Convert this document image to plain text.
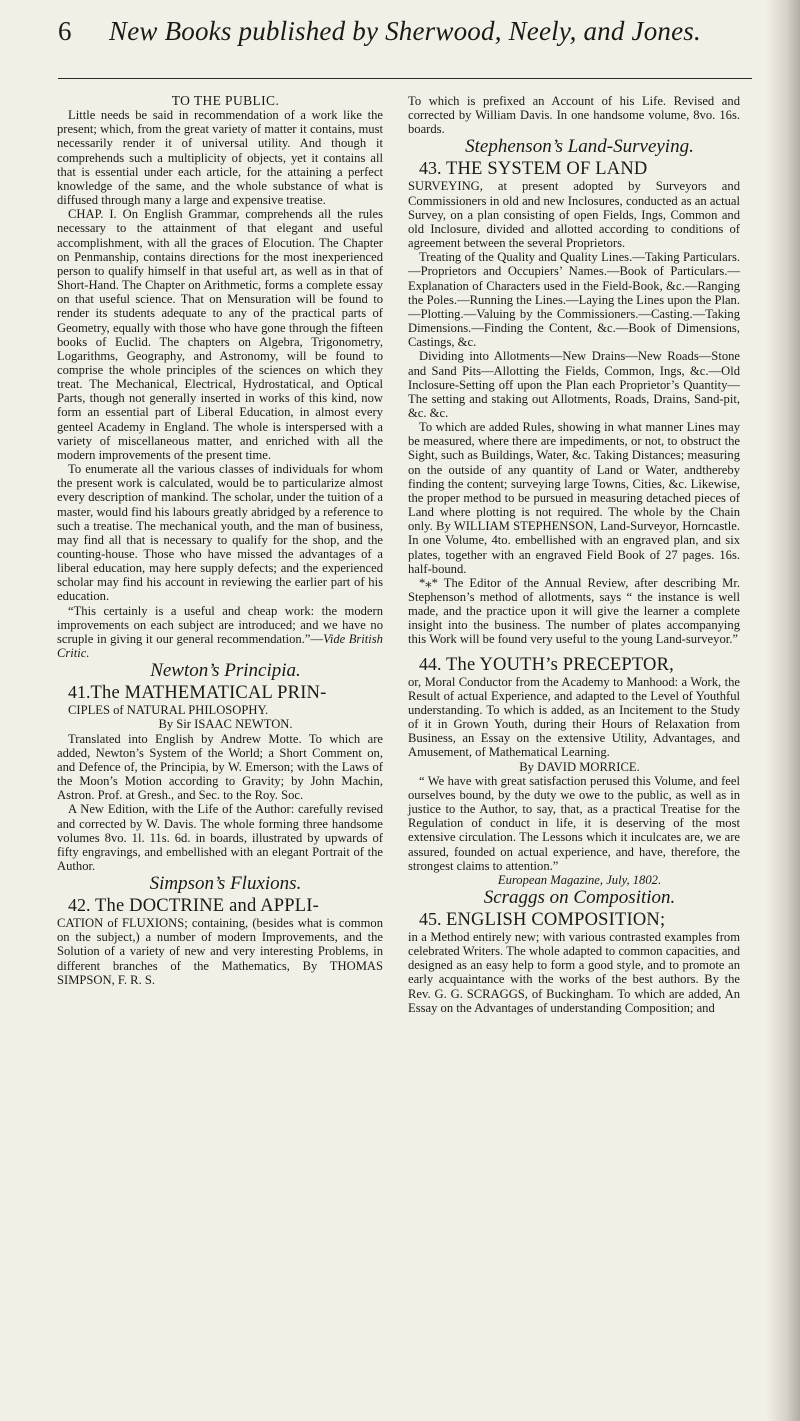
6	New Books published by Sherwood, Neely, and Jones.

TO THE PUBLIC.

Little needs be said in recommendation of a work like the present; which, from the great variety of matter it contains, must necessarily render it of universal utility. And though it comprehends such a multiplicity of objects, yet it contains all that is essential under each article, for the attaining a perfect knowledge of the same, and the whole substance of what is diffused through many a large and expensive treatise.

CHAP. I. On English Grammar, comprehends all the rules necessary to the attainment of that elegant and useful accomplishment, with all the graces of Elocution. The Chapter on Penmanship, contains directions for the most inexperienced person to qualify himself in that useful art, as well as in that of Short-Hand. The Chapter on Arithmetic, forms a complete essay on that useful science. That on Mensuration will be found to render its students adequate to any of the practical parts of Geometry, equally with those who have gone through the fifteen books of Euclid. The chapters on Algebra, Trigonometry, Logarithms, Geography, and Astronomy, will be found to comprise the whole principles of the sciences on which they treat. The Mechanical, Electrical, Hydrostatical, and Optical Parts, though not generally inserted in works of this kind, now form an essential part of Liberal Education, in almost every genteel Academy in England. The whole is interspersed with a variety of miscellaneous matter, and enriched with all the modern improvements of the present time.

To enumerate all the various classes of individuals for whom the present work is calculated, would be to particularize almost every description of mankind. The scholar, under the tuition of a master, would find his labours greatly abridged by a reference to such a treatise. The mechanical youth, and the man of business, may find all that is necessary to qualify for the shop, and the counting-house. Those who have missed the advantages of a liberal education, may here supply defects; and the experienced scholar may find his account in reviewing the earlier part of his education.

“This certainly is a useful and cheap work: the modern improvements on each subject are introduced; and we have no scruple in giving it our general recommendation.”—Vide British Critic.

Newton’s Principia.

41.The MATHEMATICAL PRIN-

CIPLES of NATURAL PHILOSOPHY.

By Sir ISAAC NEWTON.

Translated into English by Andrew Motte. To which are added, Newton’s System of the World; a Short Comment on, and Defence of, the Principia, by W. Emerson; with the Laws of the Moon’s Motion according to Gravity; by John Machin, Astron. Prof. at Gresh., and Sec. to the Roy. Soc.

A New Edition, with the Life of the Author: carefully revised and corrected by W. Davis. The whole forming three handsome volumes 8vo. 1l. 11s. 6d. in boards, illustrated by upwards of fifty engravings, and embellished with an elegant Portrait of the Author.

Simpson’s Fluxions.

42. The DOCTRINE and APPLI-

CATION of FLUXIONS; containing, (besides what is common on the subject,) a number of modern Improvements, and the Solution of a variety of new and very interesting Problems, in different branches of the Mathematics, By THOMAS SIMPSON, F. R. S.

To which is prefixed an Account of his Life. Revised and corrected by William Davis. In one handsome volume, 8vo. 16s. boards.

Stephenson’s Land-Surveying.

43. THE SYSTEM OF LAND

SURVEYING, at present adopted by Surveyors and Commissioners in old and new Inclosures, conducted as an actual Survey, on a plan consisting of open Fields, Ings, Common and old Inclosure, divided and allotted according to conditions of agreement between the several Proprietors.

Treating of the Quality and Quality Lines.—Taking Particulars.—Proprietors and Occupiers’ Names.—Book of Particulars.—Explanation of Characters used in the Field-Book, &c.—Ranging the Poles.—Running the Lines.—Laying the Lines upon the Plan.—Plotting.—Valuing by the Commissioners.—Casting.—Taking Dimensions.—Finding the Content, &c.—Book of Dimensions, Castings, &c.

Dividing into Allotments—New Drains—New Roads—Stone and Sand Pits—Allotting the Fields, Common, Ings, &c.—Old Inclosure-Setting off upon the Plan each Proprietor’s Quantity—The setting and staking out Allotments, Roads, Drains, Sand-pit, &c. &c.

To which are added Rules, showing in what manner Lines may be measured, where there are impediments, or not, to obstruct the Sight, such as Buildings, Water, &c. Taking Distances; measuring on the outside of any quantity of Land or Water, andthereby finding the content; surveying large Towns, Cities, &c. Likewise, the proper method to be pursued in measuring detached pieces of Land where plotting is not required. The whole by the Chain only. By WILLIAM STEPHENSON, Land-Surveyor, Horncastle. In one Volume, 4to. embellished with an engraved plan, and six plates, together with an engraved Field Book of 27 pages. 16s. half-bound.

*⁎* The Editor of the Annual Review, after describing Mr. Stephenson’s method of allotments, says “ the instance is well made, and the practice upon it will give the learner a complete insight into the business. The number of plates accompanying this Work will be found very useful to the young Land-surveyor.”

44. The YOUTH’s PRECEPTOR,

or, Moral Conductor from the Academy to Manhood: a Work, the Result of actual Experience, and adapted to the Level of Youthful understanding. To which is added, as an Incitement to the Study of it in Grown Youth, during their Hours of Relaxation from Business, an Essay on the extensive Utility, Advantages, and Amusement, of Mathematical Learning.

By DAVID MORRICE.

“ We have with great satisfaction perused this Volume, and feel ourselves bound, by the duty we owe to the public, as well as in justice to the Author, to say, that, as a practical Treatise for the Regulation of conduct in life, it is deserving of the most extensive circulation. The Lessons which it inculcates are, we are assured, founded on actual experience, and have, therefore, the strongest claims to attention.”

European Magazine, July, 1802.

Scraggs on Composition.

45. ENGLISH COMPOSITION;

in a Method entirely new; with various contrasted examples from celebrated Writers. The whole adapted to common capacities, and designed as an easy help to form a good style, and to promote an early acquaintance with the works of the best authors. By the Rev. G. G. SCRAGGS, of Buckingham. To which are added, An Essay on the Advantages of understanding Composition; and
